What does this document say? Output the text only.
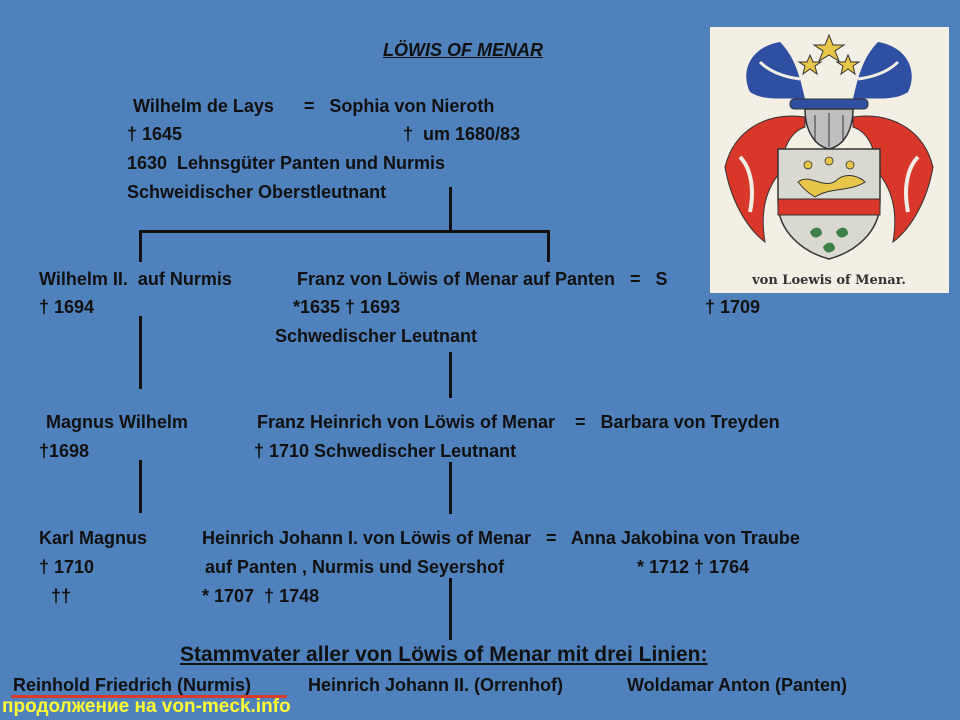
LÖWIS OF MENAR
Wilhelm de Lays      =   Sophia von Nieroth
† 1645	†  um 1680/83
1630  Lehnsgüter Panten und Nurmis
Schweidischer Oberstleutnant
Wilhelm II.  auf Nurmis
† 1694
Franz von Löwis of Menar auf Panten   =   S
*1635 † 1693
Schwedischer Leutnant
† 1709
Magnus Wilhelm
†1698
Franz Heinrich von Löwis of Menar    =   Barbara von Treyden
† 1710 Schwedischer Leutnant
Karl Magnus
† 1710
††
Heinrich Johann I. von Löwis of Menar   =   Anna Jakobina von Traube
auf Panten , Nurmis und Seyershof
* 1707  † 1748
* 1712 † 1764
Stammvater aller von Löwis of Menar mit drei Linien:
Reinhold Friedrich (Nurmis)	Heinrich Johann II. (Orrenhof)	Woldamar Anton (Panten)
продолжение на von-meck.info
von Loewis of Menar.
